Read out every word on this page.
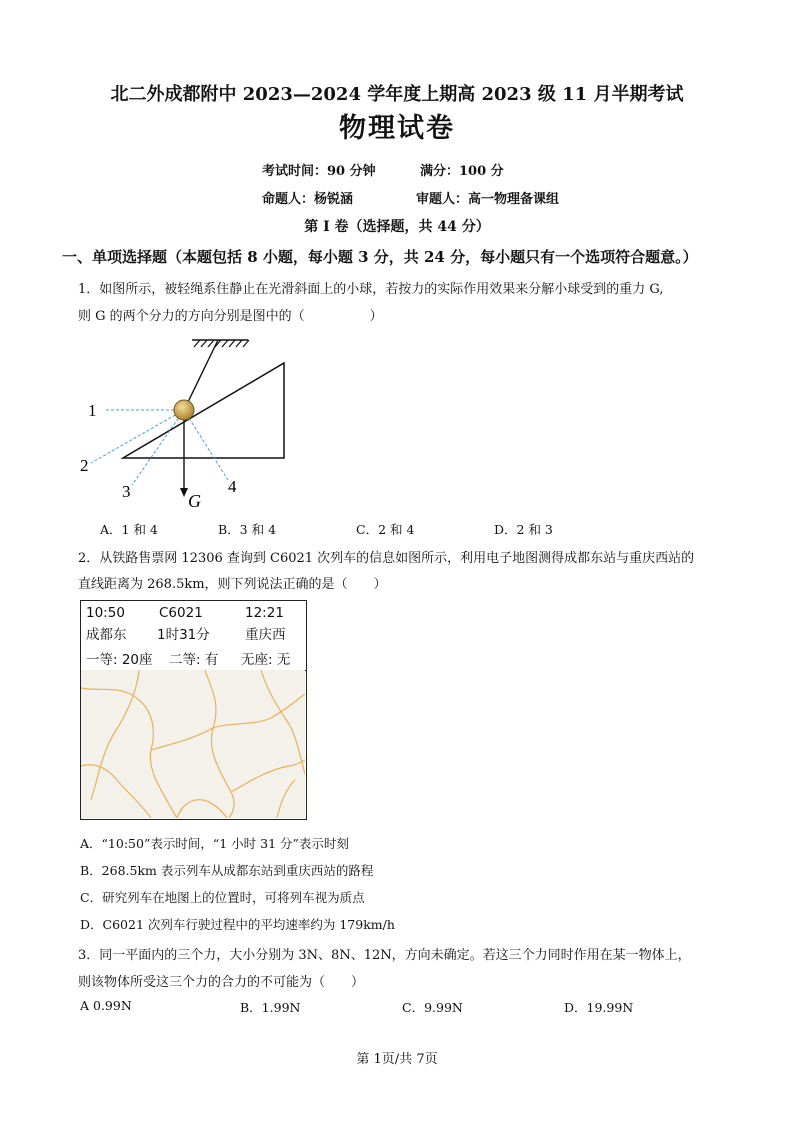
北二外成都附中 2023—2024 学年度上期高 2023 级 11 月半期考试
物理试卷
考试时间：90 分钟	满分：100 分
命题人：杨锐涵	审题人：高一物理备课组
第 I 卷（选择题，共 44 分）
一、单项选择题（本题包括 8 小题，每小题 3 分，共 24 分，每小题只有一个选项符合题意。）
1．如图所示，被轻绳系住静止在光滑斜面上的小球，若按力的实际作用效果来分解小球受到的重力 G,
则 G 的两个分力的方向分别是图中的（　　　　　）
1
2
3	4
G
A．1 和 4	B．3 和 4	C．2 和 4	D．2 和 3
2．从铁路售票网 12306 查询到 C6021 次列车的信息如图所示，利用电子地图测得成都东站与重庆西站的
直线距离为 268.5km，则下列说法正确的是（　　）
10:50	C6021	12:21
成都东 1时31分	重庆西
一等: 20座 二等: 有 无座: 无
A．“10:50”表示时间，“1 小时 31 分”表示时刻
B．268.5km 表示列车从成都东站到重庆西站的路程
C．研究列车在地图上的位置时，可将列车视为质点
D．C6021 次列车行驶过程中的平均速率约为 179km/h
3．同一平面内的三个力，大小分别为 3N、8N、12N，方向未确定。若这三个力同时作用在某一物体上，
则该物体所受这三个力的合力的不可能为（　　）
A 0.99N	B．1.99N	C．9.99N	D．19.99N
第 1页/共 7页
